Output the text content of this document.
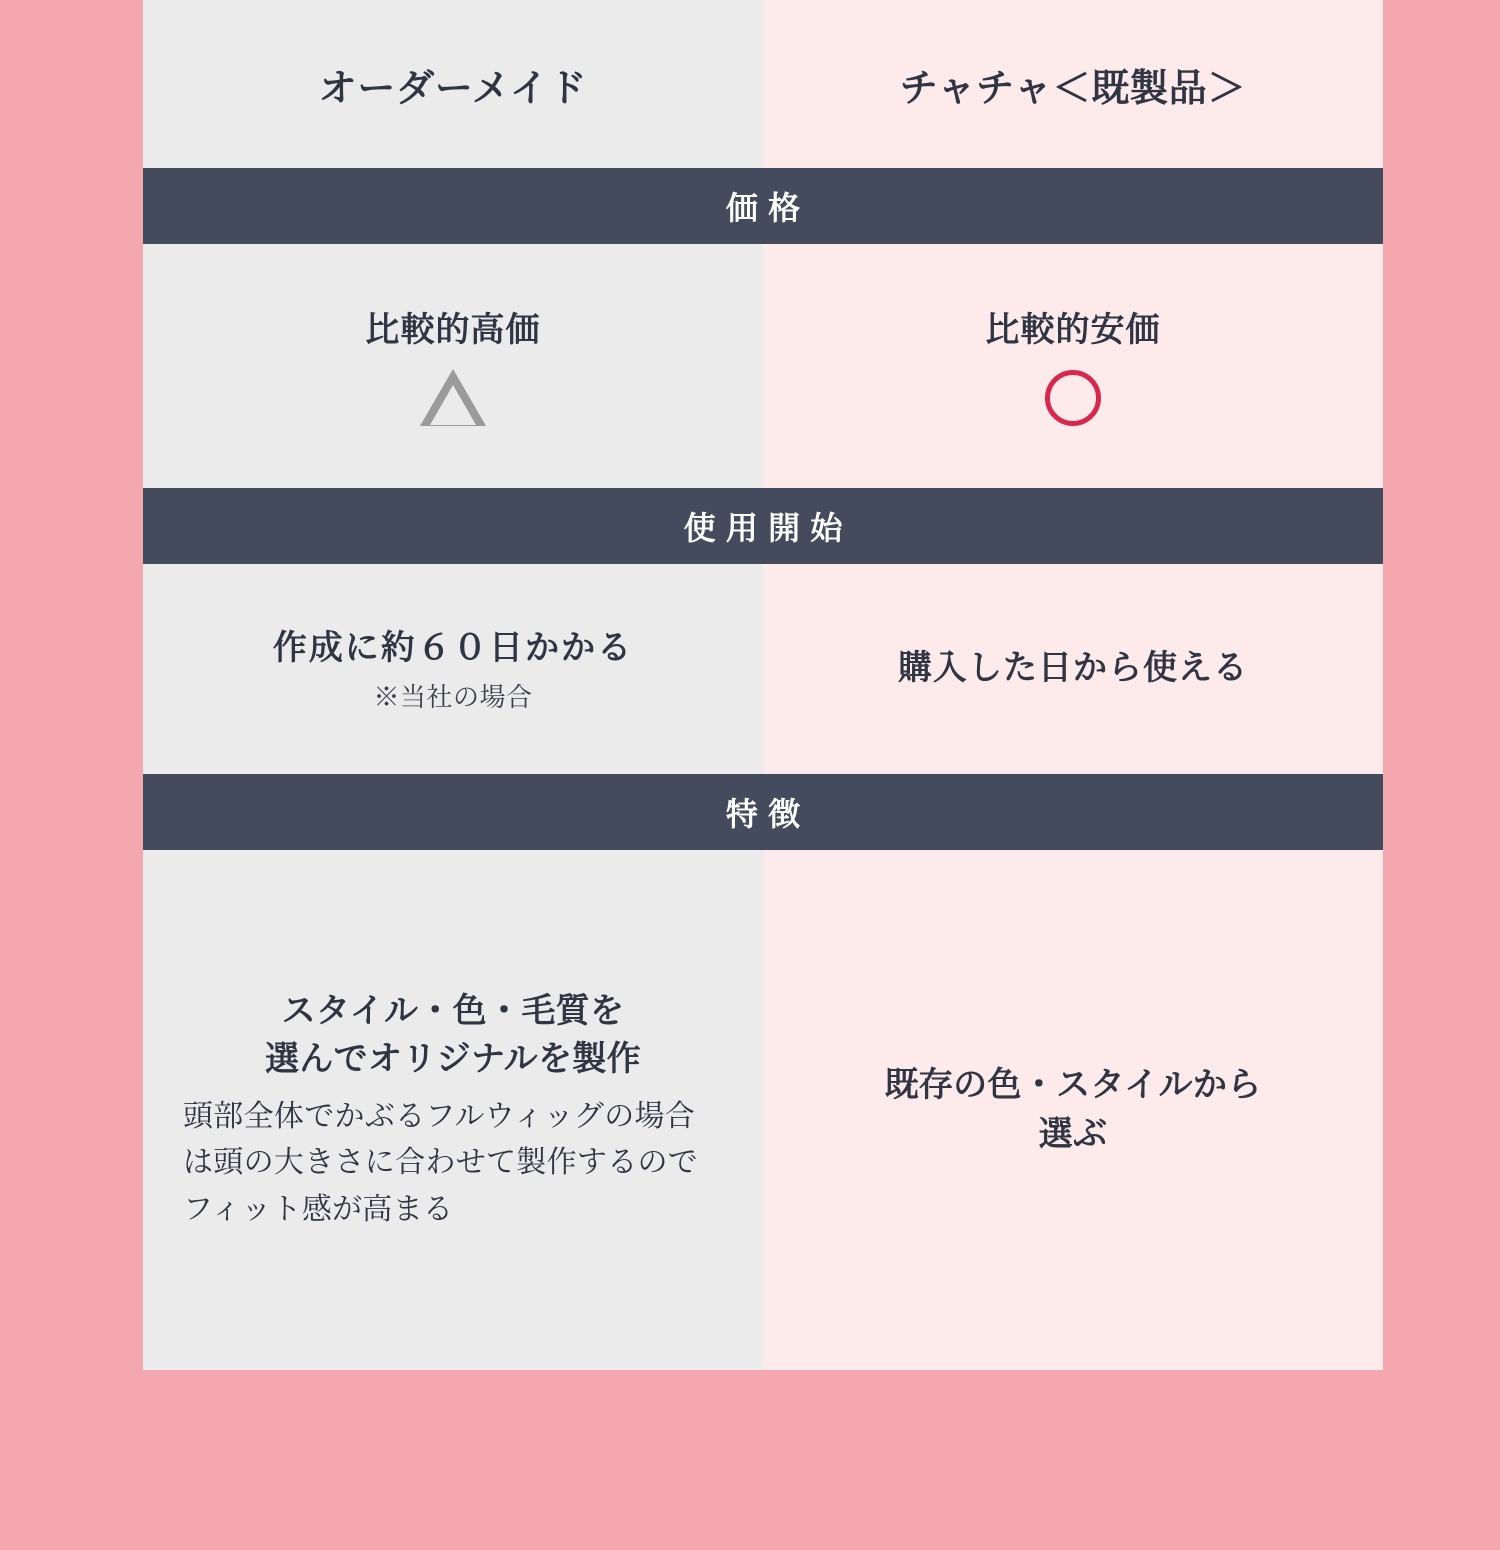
オーダーメイド	チャチャ＜既製品＞
価格
比較的高価	比較的安価
使用開始
作成に約６０日かかる
※当社の場合
購入した日から使える
特徴
スタイル・色・毛質を
選んでオリジナルを製作
頭部全体でかぶるフルウィッグの場合は頭の大きさに合わせて製作するのでフィット感が高まる
既存の色・スタイルから
選ぶ
